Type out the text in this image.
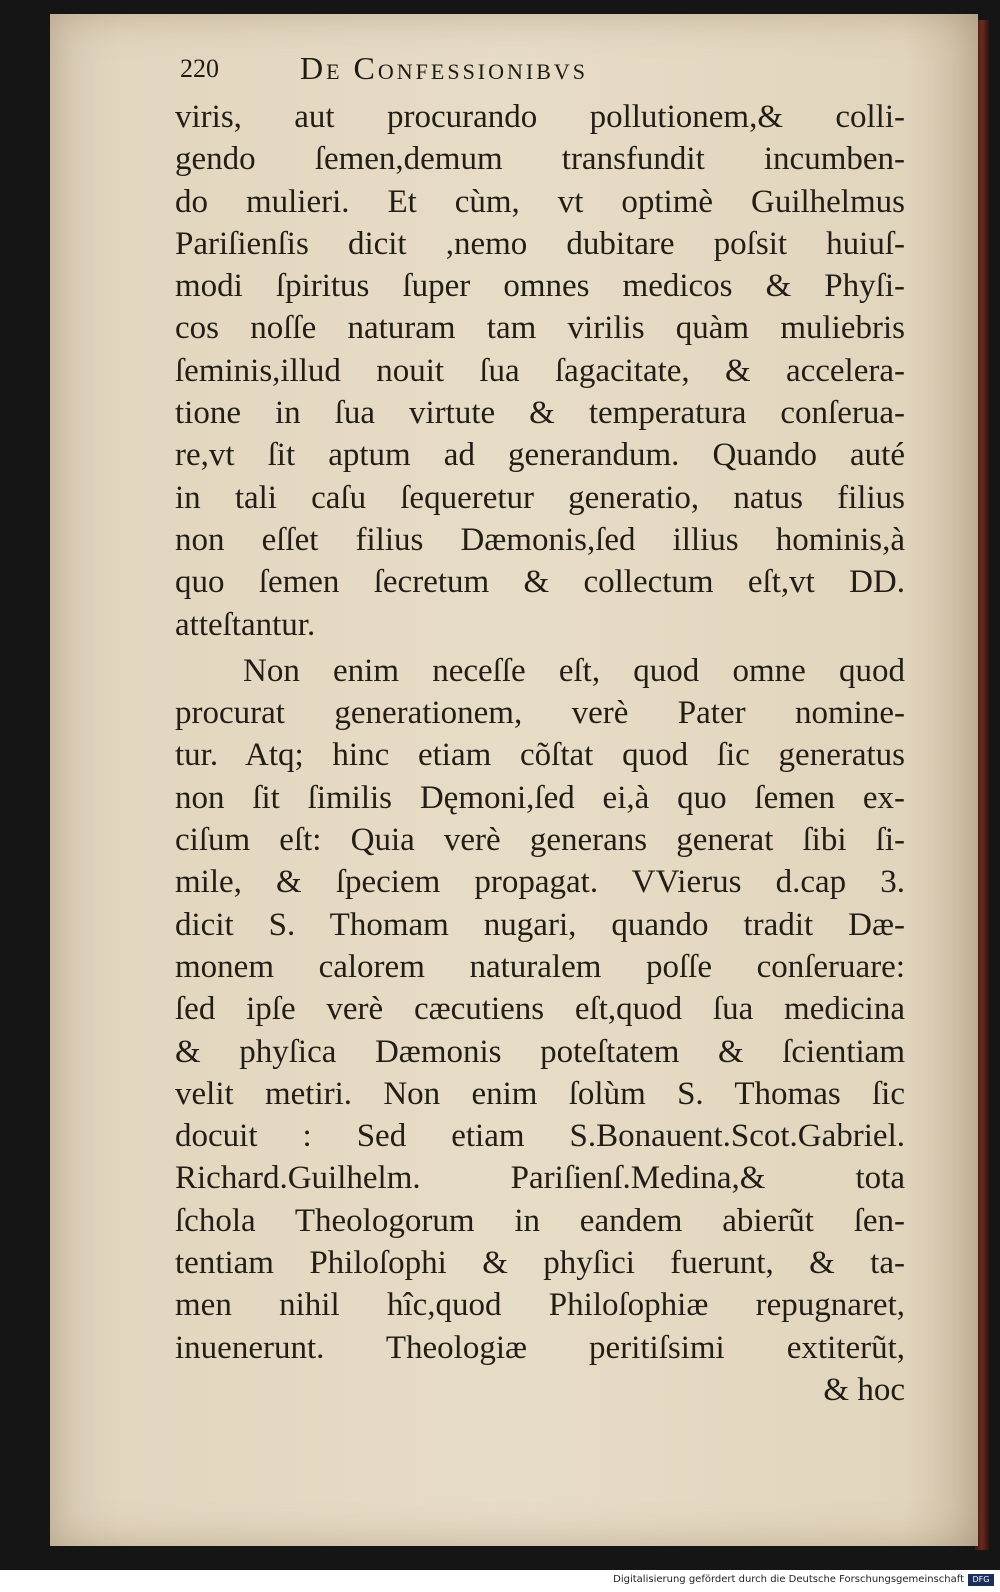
220	De Confessionibvs
viris, aut procurando pollutionem,& colli-
gendo ſemen,demum transfundit incumben-
do mulieri. Et cùm, vt optimè Guilhelmus
Pariſienſis dicit ,nemo dubitare poſsit huiuſ-
modi ſpiritus ſuper omnes medicos & Phyſi-
cos noſſe naturam tam virilis quàm muliebris
ſeminis,illud nouit ſua ſagacitate, & accelera-
tione in ſua virtute & temperatura conſerua-
re,vt ſit aptum ad generandum. Quando auté
in tali caſu ſequeretur generatio, natus filius
non eſſet filius Dæmonis,ſed illius hominis,à
quo ſemen ſecretum & collectum eſt,vt DD.
atteſtantur.
Non enim neceſſe eſt, quod omne quod
procurat generationem, verè Pater nomine-
tur. Atq; hinc etiam cõſtat quod ſic generatus
non ſit ſimilis Dęmoni,ſed ei,à quo ſemen ex-
ciſum eſt: Quia verè generans generat ſibi ſi-
mile, & ſpeciem propagat. VVierus d.cap 3.
dicit S. Thomam nugari, quando tradit Dæ-
monem calorem naturalem poſſe conſeruare:
ſed ipſe verè cæcutiens eſt,quod ſua medicina
& phyſica Dæmonis poteſtatem & ſcientiam
velit metiri. Non enim ſolùm S. Thomas ſic
docuit : Sed etiam S.Bonauent.Scot.Gabriel.
Richard.Guilhelm. Pariſienſ.Medina,& tota
ſchola Theologorum in eandem abierũt ſen-
tentiam Philoſophi & phyſici fuerunt, & ta-
men nihil hîc,quod Philoſophiæ repugnaret,
inuenerunt. Theologiæ peritiſsimi extiterũt,
& hoc
Digitalisierung gefördert durch die Deutsche Forschungsgemeinschaft	DFG
